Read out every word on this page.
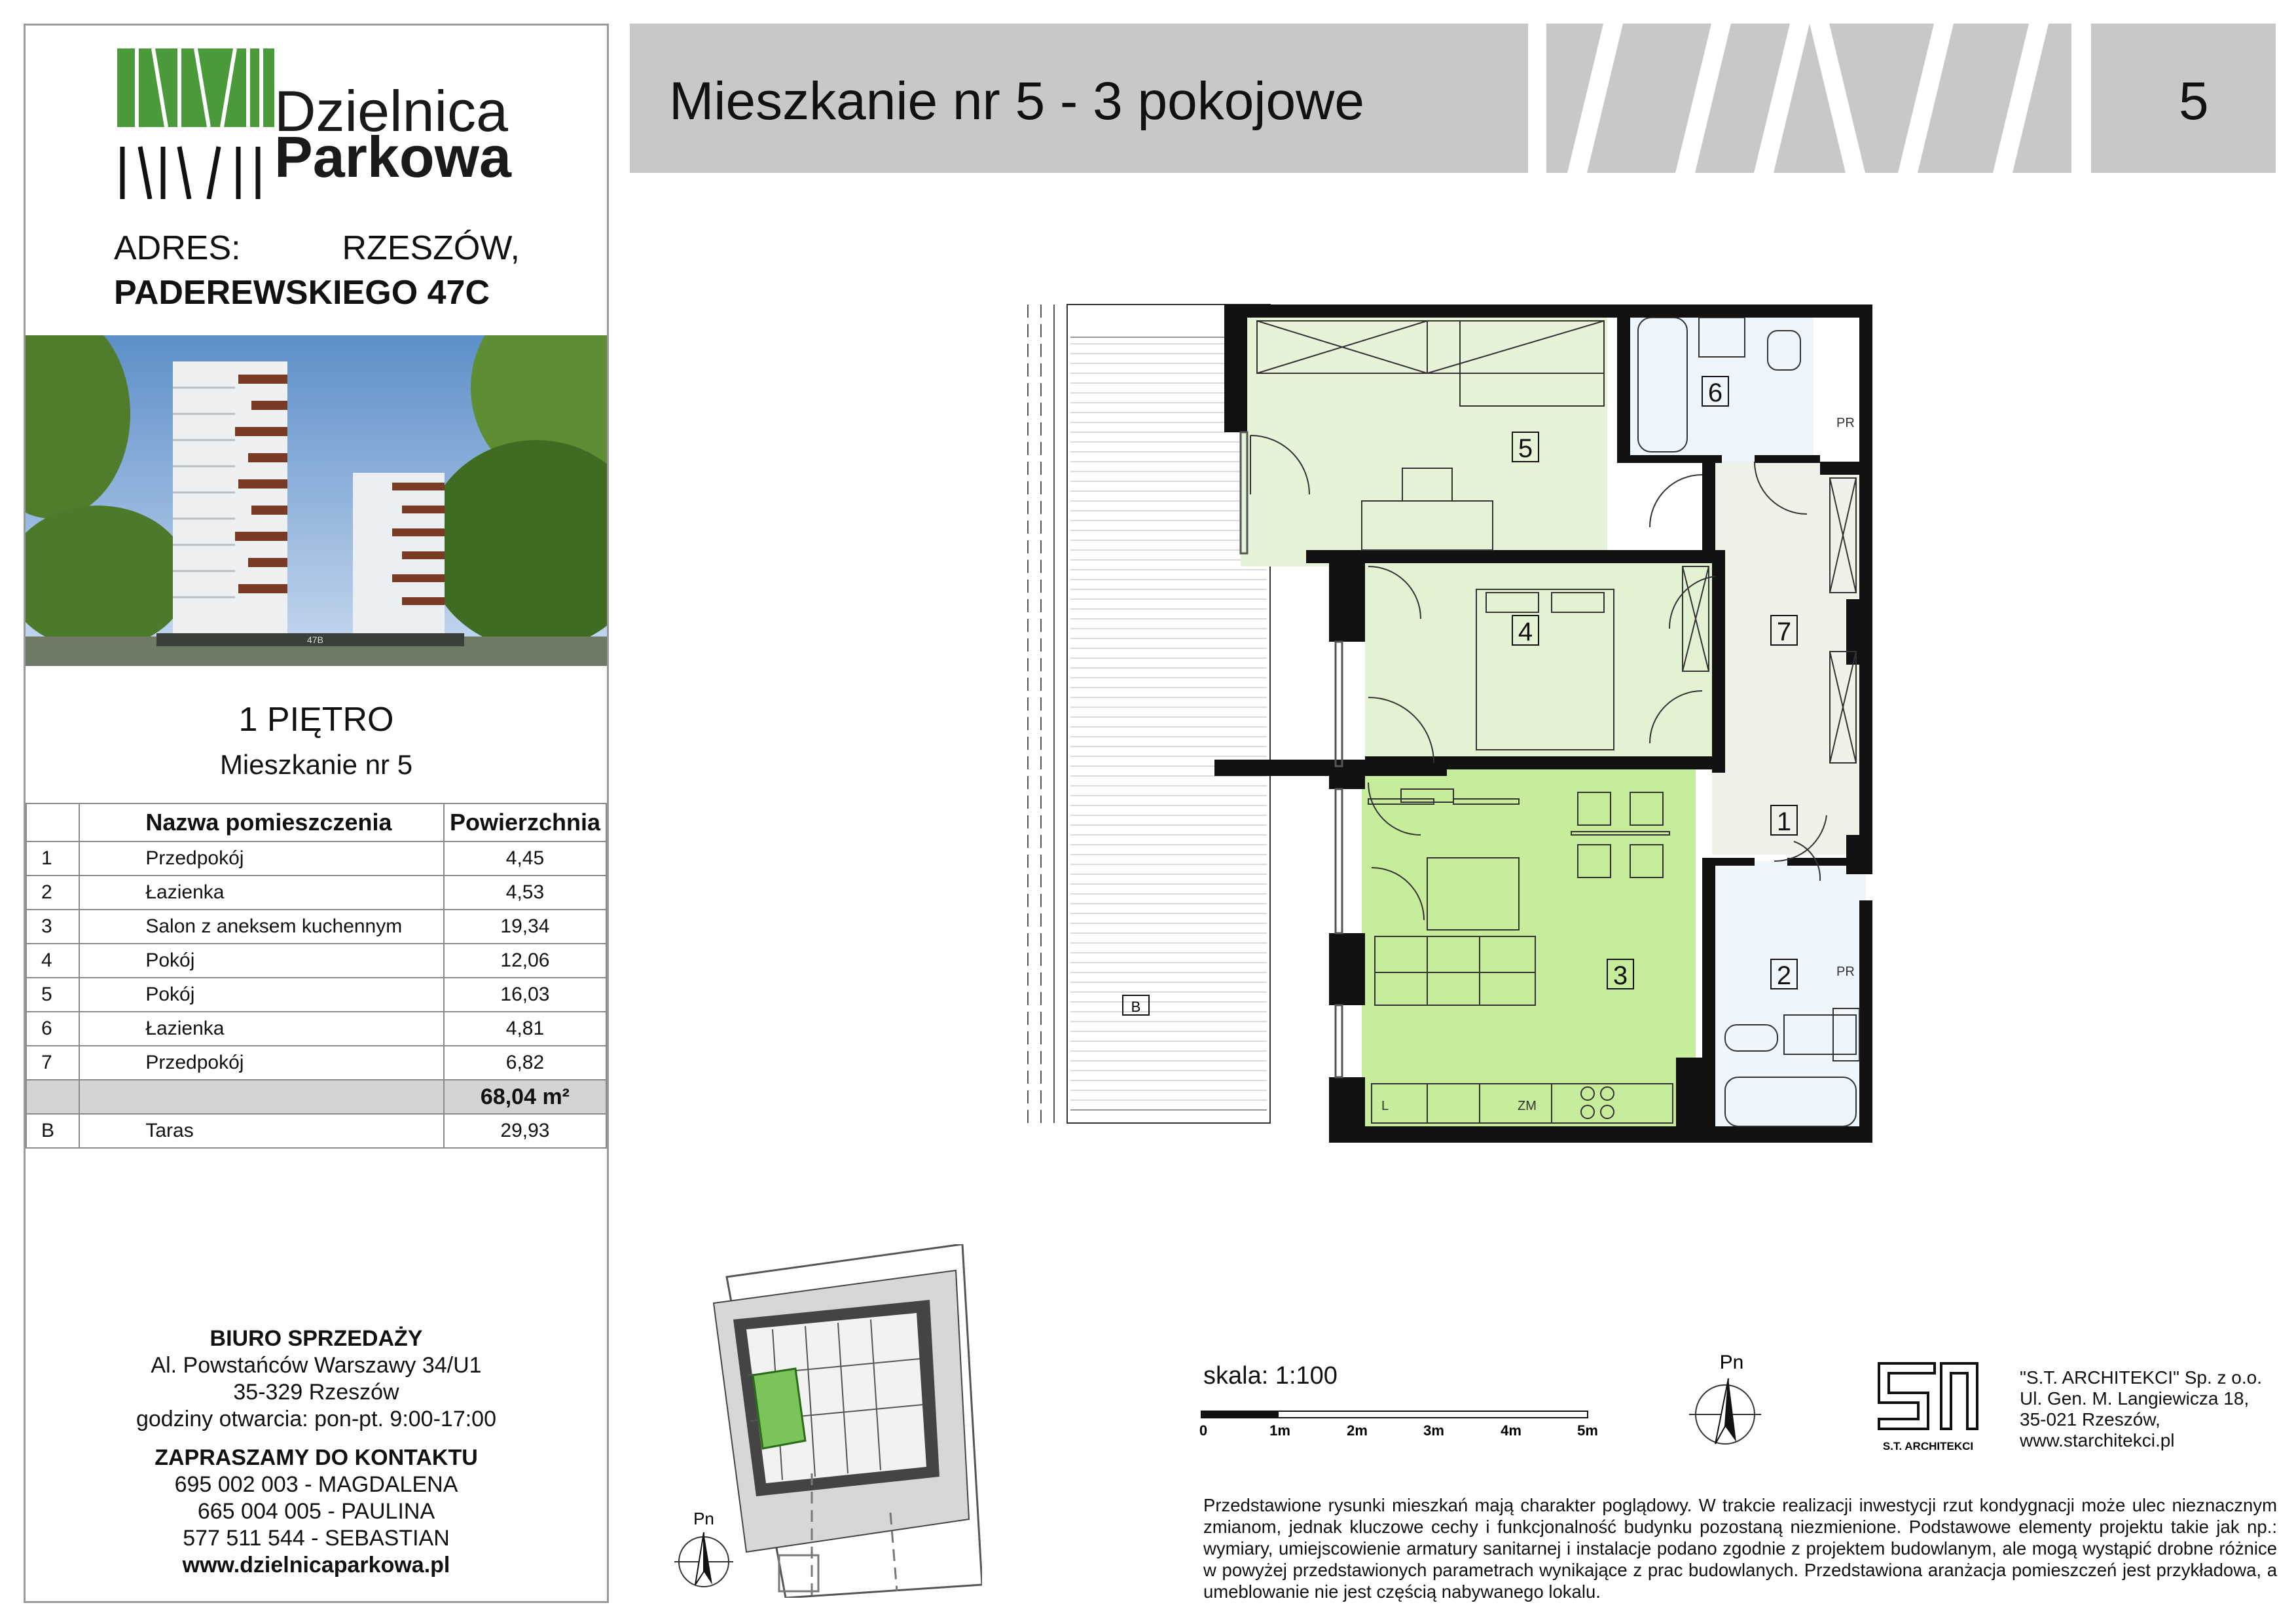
Dzielnica
Parkowa
ADRES:	RZESZÓW,
PADEREWSKIEGO 47C
47B
1 PIĘTRO
Mieszkanie nr 5
	Nazwa pomieszczenia	Powierzchnia
1	Przedpokój	4,45
2	Łazienka	4,53
3	Salon z aneksem kuchennym	19,34
4	Pokój	12,06
5	Pokój	16,03
6	Łazienka	4,81
7	Przedpokój	6,82
		68,04 m²
B	Taras	29,93
BIURO SPRZEDAŻY
Al. Powstańców Warszawy 34/U1
35-329 Rzeszów
godziny otwarcia: pon-pt. 9:00-17:00
ZAPRASZAMY DO KONTAKTU
695 002 003 - MAGDALENA
665 004 005 - PAULINA
577 511 544 - SEBASTIAN
www.dzielnicaparkowa.pl
Mieszkanie nr 5 - 3 pokojowe	5
5
4
3
7
1
2
6
PR
PR
L	ZM
B
Pn
skala: 1:100
0	1m	2m	3m	4m	5m
Pn
S.T. ARCHITEKCI
"S.T. ARCHITEKCI" Sp. z o.o.
Ul. Gen. M. Langiewicza 18,
35-021 Rzeszów,
www.starchitekci.pl
Przedstawione rysunki mieszkań mają charakter poglądowy. W trakcie realizacji inwestycji rzut kondygnacji może ulec nieznacznym zmianom, jednak kluczowe cechy i funkcjonalność budynku pozostaną niezmienione. Podstawowe elementy projektu takie jak np.: wymiary, umiejscowienie armatury sanitarnej i instalacje podano zgodnie z projektem budowlanym, ale mogą wystąpić drobne różnice w powyżej przedstawionych parametrach wynikające z prac budowlanych. Przedstawiona aranżacja pomieszczeń jest przykładowa, a umeblowanie nie jest częścią nabywanego lokalu.
